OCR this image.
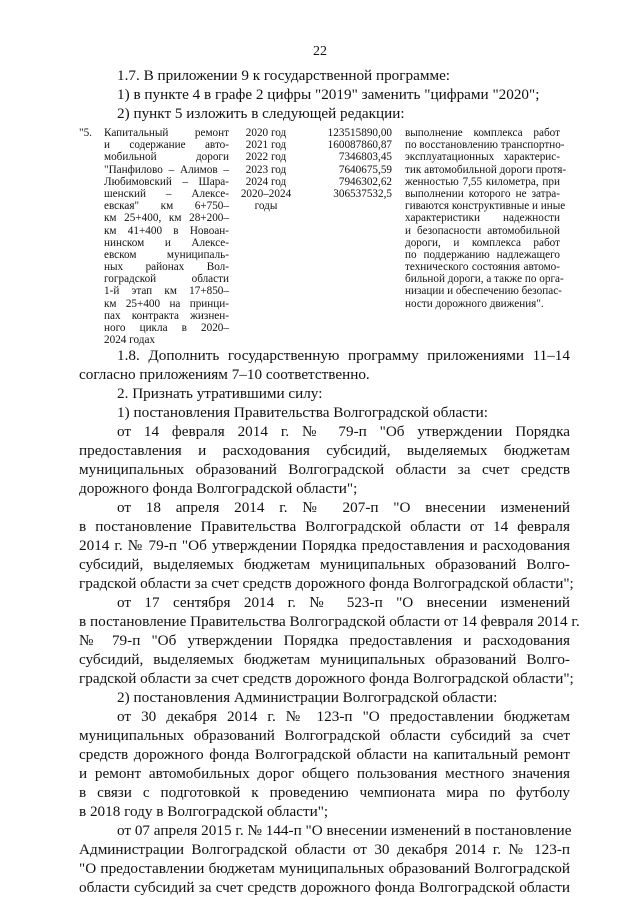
22
1.7. В приложении 9 к государственной программе:
1) в пункте 4 в графе 2 цифры "2019" заменить "цифрами "2020";
2) пункт 5 изложить в следующей редакции:
"5. Капитальный ремонт
и содержание авто-
мобильной дороги
"Панфилово – Алимов –
Любимовский – Шара-
шенский – Алексе-
евская" км 6+750–
км 25+400, км 28+200–
км 41+400 в Новоан-
нинском и Алексе-
евском муниципаль-
ных районах Вол-
гоградской области
1-й этап км 17+850–
км 25+400 на принци-
пах контракта жизнен-
ного цикла в 2020–
2024 годах
2020 год
2021 год
2022 год
2023 год
2024 год
2020–2024
годы
123515890,00
160087860,87
7346803,45
7640675,59
7946302,62
306537532,5
выполнение комплекса работ
по восстановлению транспортно-
эксплуатационных характерис-
тик автомобильной дороги протя-
женностью 7,55 километра, при
выполнении которого не затра-
гиваются конструктивные и иные
характеристики надежности
и безопасности автомобильной
дороги, и комплекса работ
по поддержанию надлежащего
технического состояния автомо-
бильной дороги, а также по орга-
низации и обеспечению безопас-
ности дорожного движения".
1.8. Дополнить государственную программу приложениями 11–14
согласно приложениям 7–10 соответственно.
2. Признать утратившими силу:
1) постановления Правительства Волгоградской области:
от 14 февраля 2014 г. № 79-п "Об утверждении Порядка
предоставления и расходования субсидий, выделяемых бюджетам
муниципальных образований Волгоградской области за счет средств
дорожного фонда Волгоградской области";
от 18 апреля 2014 г. № 207-п "О внесении изменений
в постановление Правительства Волгоградской области от 14 февраля
2014 г. № 79-п "Об утверждении Порядка предоставления и расходования
субсидий, выделяемых бюджетам муниципальных образований Волго-
градской области за счет средств дорожного фонда Волгоградской области";
от 17 сентября 2014 г. № 523-п "О внесении изменений
в постановление Правительства Волгоградской области от 14 февраля 2014 г.
№ 79-п "Об утверждении Порядка предоставления и расходования
субсидий, выделяемых бюджетам муниципальных образований Волго-
градской области за счет средств дорожного фонда Волгоградской области";
2) постановления Администрации Волгоградской области:
от 30 декабря 2014 г. № 123-п "О предоставлении бюджетам
муниципальных образований Волгоградской области субсидий за счет
средств дорожного фонда Волгоградской области на капитальный ремонт
и ремонт автомобильных дорог общего пользования местного значения
в связи с подготовкой к проведению чемпионата мира по футболу
в 2018 году в Волгоградской области";
от 07 апреля 2015 г. № 144-п "О внесении изменений в постановление
Администрации Волгоградской области от 30 декабря 2014 г. № 123-п
"О предоставлении бюджетам муниципальных образований Волгоградской
области субсидий за счет средств дорожного фонда Волгоградской области
